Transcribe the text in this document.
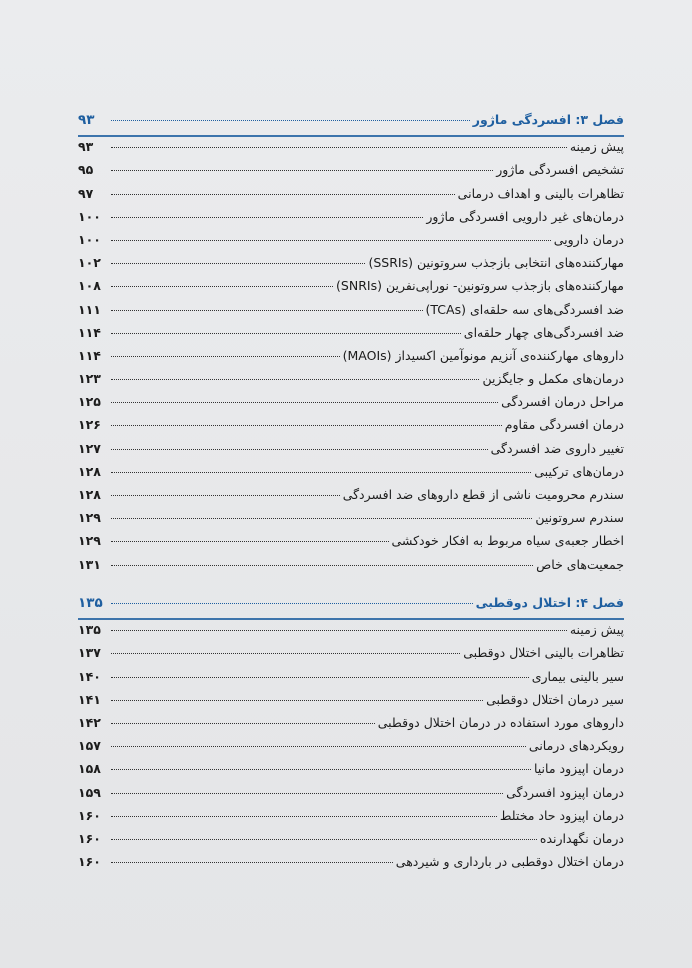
فصل ۳: افسردگی ماژور
۹۳
پیش زمینه
۹۳
تشخیص افسردگی ماژور
۹۵
تظاهرات بالینی و اهداف درمانی
۹۷
درمان‌های غیر دارویی افسردگی ماژور
۱۰۰
درمان دارویی
۱۰۰
مهارکننده‌های انتخابی بازجذب سروتونین (SSRIs)
۱۰۲
مهارکننده‌های بازجذب سروتونین- نوراپی‌نفرین (SNRIs)
۱۰۸
ضد افسردگی‌های سه حلقه‌ای (TCAs)
۱۱۱
ضد افسردگی‌های چهار حلقه‌ای
۱۱۴
داروهای مهارکننده‌ی آنزیم مونوآمین اکسیداز (MAOIs)
۱۱۴
درمان‌های مکمل و جایگزین
۱۲۳
مراحل درمان افسردگی
۱۲۵
درمان افسردگی مقاوم
۱۲۶
تغییر داروی ضد افسردگی
۱۲۷
درمان‌های ترکیبی
۱۲۸
سندرم محرومیت ناشی از قطع داروهای ضد افسردگی
۱۲۸
سندرم سروتونین
۱۲۹
اخطار جعبه‌ی سیاه مربوط به افکار خودکشی
۱۲۹
جمعیت‌های خاص
۱۳۱
فصل ۴: اختلال دوقطبی
۱۳۵
پیش زمینه
۱۳۵
تظاهرات بالینی اختلال دوقطبی
۱۳۷
سیر بالینی بیماری
۱۴۰
سیر درمان اختلال دوقطبی
۱۴۱
داروهای مورد استفاده در درمان اختلال دوقطبی
۱۴۲
رویکردهای درمانی
۱۵۷
درمان اپیزود مانیا
۱۵۸
درمان اپیزود افسردگی
۱۵۹
درمان اپیزود حاد مختلط
۱۶۰
درمان نگهدارنده
۱۶۰
درمان اختلال دوقطبی در بارداری و شیردهی
۱۶۰
